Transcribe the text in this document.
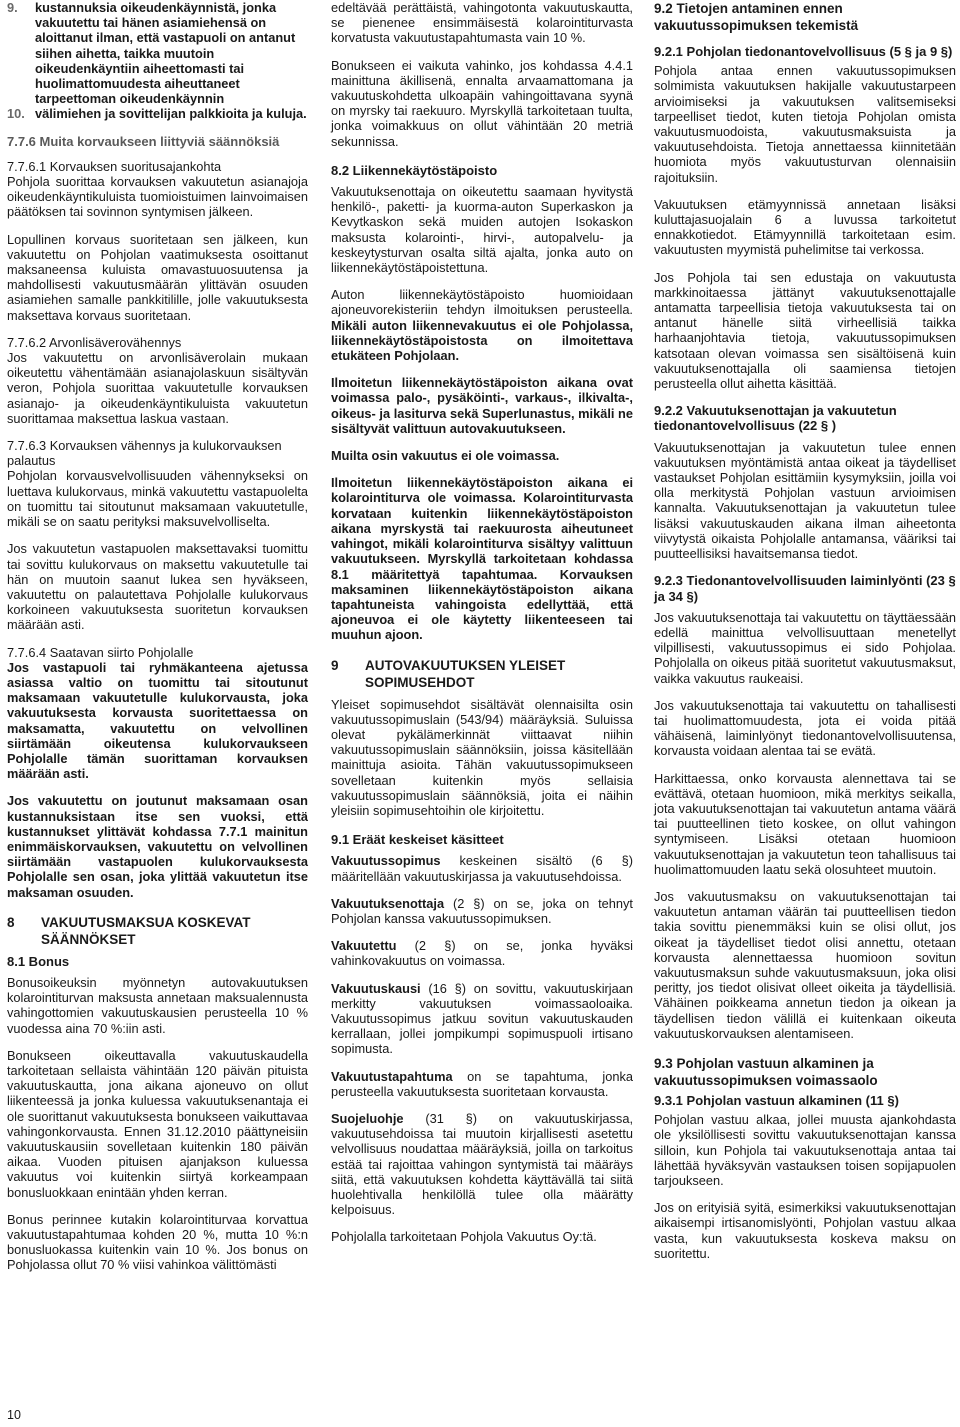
9.	kustannuksia oikeudenkäynnistä, jonka vakuutettu tai hänen asiamiehensä on aloittanut ilman, että vastapuoli on antanut siihen aihetta, taikka muutoin oikeudenkäyntiin aiheettomasti tai huolimattomuudesta aiheuttaneet tarpeettoman oikeudenkäynnin
10. välimiehen ja sovittelijan palkkioita ja kuluja.
7.7.6 Muita korvaukseen liittyviä säännöksiä
7.7.6.1 Korvauksen suoritusajankohta

Pohjola suorittaa korvauksen vakuutetun asianajoja oikeudenkäyntikuluista tuomioistuimen lainvoimaisen päätöksen tai sovinnon syntymisen jälkeen.

Lopullinen korvaus suoritetaan sen jälkeen, kun vakuutettu on Pohjolan vaatimuksesta osoittanut maksaneensa kuluista omavastuuosuutensa ja mahdollisesti vakuutusmäärän ylittävän osuuden asiamiehen samalle pankkitilille, jolle vakuutuksesta maksettava korvaus suoritetaan.

7.7.6.2 Arvonlisäverovähennys

Jos vakuutettu on arvonlisäverolain mukaan oikeutettu vähentämään asianajolaskuun sisältyvän veron, Pohjola suorittaa vakuutetulle korvauksen asianajo- ja oikeudenkäyntikuluista vakuutetun suorittamaa maksettua laskua vastaan.

7.7.6.3 Korvauksen vähennys ja kulukorvauksen palautus

Pohjolan korvausvelvollisuuden vähennykseksi on luettava kulukorvaus, minkä vakuutettu vastapuolelta on tuomittu tai sitoutunut maksamaan vakuutetulle, mikäli se on saatu perityksi maksuvelvolliselta.

Jos vakuutetun vastapuolen maksettavaksi tuomittu tai sovittu kulukorvaus on maksettu vakuutetulle tai hän on muutoin saanut lukea sen hyväkseen, vakuutettu on palautettava Pohjolalle kulukorvaus korkoineen vakuutuksesta suoritetun korvauksen määrään asti.

7.7.6.4 Saatavan siirto Pohjolalle

Jos vastapuoli tai ryhmäkanteena ajetussa asiassa valtio on tuomittu tai sitoutunut maksamaan vakuutetulle kulukorvausta, joka vakuutuksesta korvausta suoritettaessa on maksamatta, vakuutettu on velvollinen siirtämään oikeutensa kulukorvaukseen Pohjolalle tämän suorittaman korvauksen määrään asti.

Jos vakuutettu on joutunut maksamaan osan kustannuksistaan itse sen vuoksi, että kustannukset ylittävät kohdassa 7.7.1 mainitun enimmäiskorvauksen, vakuutettu on velvollinen siirtämään vastapuolen kulukorvauksesta Pohjolalle sen osan, joka ylittää vakuutetun itse maksaman osuuden.

8	VAKUUTUSMAKSUA KOSKEVAT SÄÄNNÖKSET
8.1 Bonus

Bonusoikeuksin myönnetyn autovakuutuksen kolarointiturvan maksusta annetaan maksualennusta vahingottomien vakuutuskausien perusteella 10 % vuodessa aina 70 %:iin asti.

Bonukseen oikeuttavalla vakuutuskaudella tarkoitetaan sellaista vähintään 120 päivän pituista vakuutuskautta, jona aikana ajoneuvo on ollut liikenteessä ja jonka kuluessa vakuutuksenantaja ei ole suorittanut vakuutuksesta bonukseen vaikuttavaa vahingonkorvausta. Ennen 31.12.2010 päättyneisiin vakuutuskausiin sovelletaan kuitenkin 180 päivän aikaa. Vuoden pituisen ajanjakson kuluessa vakuutus voi kuitenkin siirtyä korkeampaan bonusluokkaan enintään yhden kerran.

Bonus perinnee kutakin kolarointiturvaa korvattua vakuutustapahtumaa kohden 20 %, mutta 10 %:n bonusluokassa kuitenkin vain 10 %. Jos bonus on Pohjolassa ollut 70 % viisi vahinkoa välittömästi

edeltävää perättäistä, vahingotonta vakuutuskautta, se pienenee ensimmäisestä kolarointiturvasta korvatusta vakuutustapahtumasta vain 10 %.

Bonukseen ei vaikuta vahinko, jos kohdassa 4.4.1 mainittuna äkillisenä, ennalta arvaamattomana ja vakuutuskohdetta ulkoapäin vahingoittavana syynä on myrsky tai raekuuro. Myrskyllä tarkoitetaan tuulta, jonka voimakkuus on ollut vähintään 20 metriä sekunnissa.

8.2 Liikennekäytöstäpoisto

Vakuutuksenottaja on oikeutettu saamaan hyvitystä henkilö-, paketti- ja kuorma-auton Superkaskon ja Kevytkaskon sekä muiden autojen Isokaskon maksusta kolarointi-, hirvi-, autopalvelu- ja keskeytysturvan osalta siltä ajalta, jonka auto on liikennekäytöstäpoistettuna.

Auton liikennekäytöstäpoisto huomioidaan ajoneuvorekisteriin tehdyn ilmoituksen perusteella. Mikäli auton liikennevakuutus ei ole Pohjolassa, liikennekäytöstäpoistosta on ilmoitettava etukäteen Pohjolaan.

Ilmoitetun liikennekäytöstäpoiston aikana ovat voimassa palo-, pysäköinti-, varkaus-, ilkivalta-, oikeus- ja lasiturva sekä Superlunastus, mikäli ne sisältyvät valittuun autovakuutukseen.

Muilta osin vakuutus ei ole voimassa.

Ilmoitetun liikennekäytöstäpoiston aikana ei kolarointiturva ole voimassa. Kolarointiturvasta korvataan kuitenkin liikennekäytöstäpoiston aikana myrskystä tai raekuurosta aiheutuneet vahingot, mikäli kolarointiturva sisältyy valittuun vakuutukseen. Myrskyllä tarkoitetaan kohdassa 8.1 määritettyä tapahtumaa. Korvauksen maksaminen liikennekäytöstäpoiston aikana tapahtuneista vahingoista edellyttää, että ajoneuvoa ei ole käytetty liikenteeseen tai muuhun ajoon.

9	AUTOVAKUUTUKSEN YLEISET SOPIMUSEHDOT

Yleiset sopimusehdot sisältävät olennaisilta osin vakuutussopimuslain (543/94) määräyksiä. Suluissa olevat pykälämerkinnät viittaavat niihin vakuutussopimuslain säännöksiin, joissa käsitellään mainittuja asioita. Tähän vakuutussopimukseen sovelletaan kuitenkin myös sellaisia vakuutussopimuslain säännöksiä, joita ei näihin yleisiin sopimusehtoihin ole kirjoitettu.

9.1 Eräät keskeiset käsitteet

Vakuutussopimus keskeinen sisältö (6 §) määritellään vakuutuskirjassa ja vakuutusehdoissa.

Vakuutuksenottaja (2 §) on se, joka on tehnyt Pohjolan kanssa vakuutussopimuksen.

Vakuutettu (2 §) on se, jonka hyväksi vahinkovakuutus on voimassa.

Vakuutuskausi (16 §) on sovittu, vakuutuskirjaan merkitty vakuutuksen voimassaoloaika. Vakuutussopimus jatkuu sovitun vakuutuskauden kerrallaan, jollei jompikumpi sopimuspuoli irtisano sopimusta.

Vakuutustapahtuma on se tapahtuma, jonka perusteella vakuutuksesta suoritetaan korvausta.

Suojeluohje (31 §) on vakuutuskirjassa, vakuutusehdoissa tai muutoin kirjallisesti asetettu velvollisuus noudattaa määräyksiä, joilla on tarkoitus estää tai rajoittaa vahingon syntymistä tai määräys siitä, että vakuutuksen kohdetta käyttävällä tai siitä huolehtivalla henkilöllä tulee olla määrätty kelpoisuus.

Pohjolalla tarkoitetaan Pohjola Vakuutus Oy:tä.

9.2 Tietojen antaminen ennen vakuutussopimuksen tekemistä
9.2.1 Pohjolan tiedonantovelvollisuus (5 § ja 9 §)

Pohjola antaa ennen vakuutussopimuksen solmimista vakuutuksen hakijalle vakuutustarpeen arvioimiseksi ja vakuutuksen valitsemiseksi tarpeelliset tiedot, kuten tietoja Pohjolan omista vakuutusmuodoista, vakuutusmaksuista ja vakuutusehdoista. Tietoja annettaessa kiinnitetään huomiota myös vakuutusturvan olennaisiin rajoituksiin.

Vakuutuksen etämyynnissä annetaan lisäksi kuluttajasuojalain 6 a luvussa tarkoitetut ennakkotiedot. Etämyynnillä tarkoitetaan esim. vakuutusten myymistä puhelimitse tai verkossa.

Jos Pohjola tai sen edustaja on vakuutusta markkinoitaessa jättänyt vakuutuksenottajalle antamatta tarpeellisia tietoja vakuutuksesta tai on antanut hänelle siitä virheellisiä taikka harhaanjohtavia tietoja, vakuutussopimuksen katsotaan olevan voimassa sen sisältöisenä kuin vakuutuksenottajalla oli saamiensa tietojen perusteella ollut aihetta käsittää.

9.2.2 Vakuutuksenottajan ja vakuutetun tiedonantovelvollisuus (22 § )

Vakuutuksenottajan ja vakuutetun tulee ennen vakuutuksen myöntämistä antaa oikeat ja täydelliset vastaukset Pohjolan esittämiin kysymyksiin, joilla voi olla merkitystä Pohjolan vastuun arvioimisen kannalta. Vakuutuksenottajan ja vakuutetun tulee lisäksi vakuutuskauden aikana ilman aiheetonta viivytystä oikaista Pohjolalle antamansa, vääriksi tai puutteellisiksi havaitsemansa tiedot.

9.2.3 Tiedonantovelvollisuuden laiminlyönti (23 § ja 34 §)

Jos vakuutuksenottaja tai vakuutettu on täyttäessään edellä mainittua velvollisuuttaan menetellyt vilpillisesti, vakuutussopimus ei sido Pohjolaa. Pohjolalla on oikeus pitää suoritetut vakuutusmaksut, vaikka vakuutus raukeaisi.

Jos vakuutuksenottaja tai vakuutettu on tahallisesti tai huolimattomuudesta, jota ei voida pitää vähäisenä, laiminlyönyt tiedonantovelvollisuutensa, korvausta voidaan alentaa tai se evätä.

Harkittaessa, onko korvausta alennettava tai se evättävä, otetaan huomioon, mikä merkitys seikalla, jota vakuutuksenottajan tai vakuutetun antama väärä tai puutteellinen tieto koskee, on ollut vahingon syntymiseen. Lisäksi otetaan huomioon vakuutuksenottajan ja vakuutetun teon tahallisuus tai huolimattomuuden laatu sekä olosuhteet muutoin.

Jos vakuutusmaksu on vakuutuksenottajan tai vakuutetun antaman väärän tai puutteellisen tiedon takia sovittu pienemmäksi kuin se olisi ollut, jos oikeat ja täydelliset tiedot olisi annettu, otetaan korvausta alennettaessa huomioon sovitun vakuutusmaksun suhde vakuutusmaksuun, joka olisi peritty, jos tiedot olisivat olleet oikeita ja täydellisiä. Vähäinen poikkeama annetun tiedon ja oikean ja täydellisen tiedon välillä ei kuitenkaan oikeuta vakuutuskorvauksen alentamiseen.

9.3 Pohjolan vastuun alkaminen ja vakuutussopimuksen voimassaolo
9.3.1 Pohjolan vastuun alkaminen (11 §)

Pohjolan vastuu alkaa, jollei muusta ajankohdasta ole yksilöllisesti sovittu vakuutuksenottajan kanssa silloin, kun Pohjola tai vakuutuksenottaja antaa tai lähettää hyväksyvän vastauksen toisen sopijapuolen tarjoukseen.

Jos on erityisiä syitä, esimerkiksi vakuutuksenottajan aikaisempi irtisanomislyönti, Pohjolan vastuu alkaa vasta, kun vakuutuksesta koskeva maksu on suoritettu.

10
